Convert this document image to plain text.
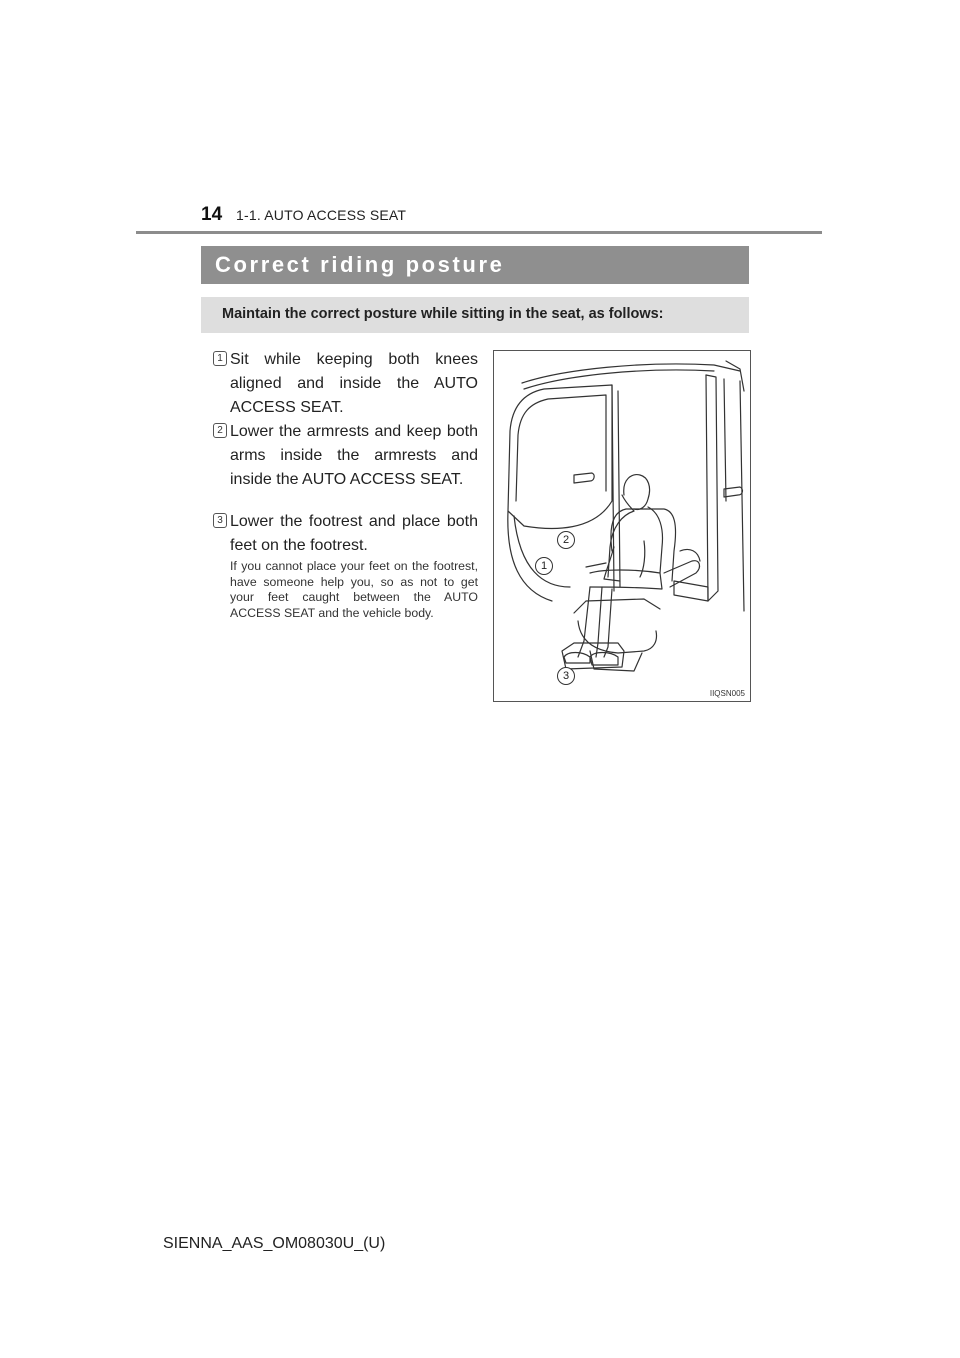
14 1-1. AUTO ACCESS SEAT
Correct riding posture
Maintain the correct posture while sitting in the seat, as follows:
1 Sit while keeping both knees aligned and inside the AUTO ACCESS SEAT.
2 Lower the armrests and keep both arms inside the armrests and inside the AUTO ACCESS SEAT.
3 Lower the footrest and place both feet on the footrest.
If you cannot place your feet on the footrest, have someone help you, so as not to get your feet caught between the AUTO ACCESS SEAT and the vehicle body.
2
1
3
IIQSN005
SIENNA_AAS_OM08030U_(U)
